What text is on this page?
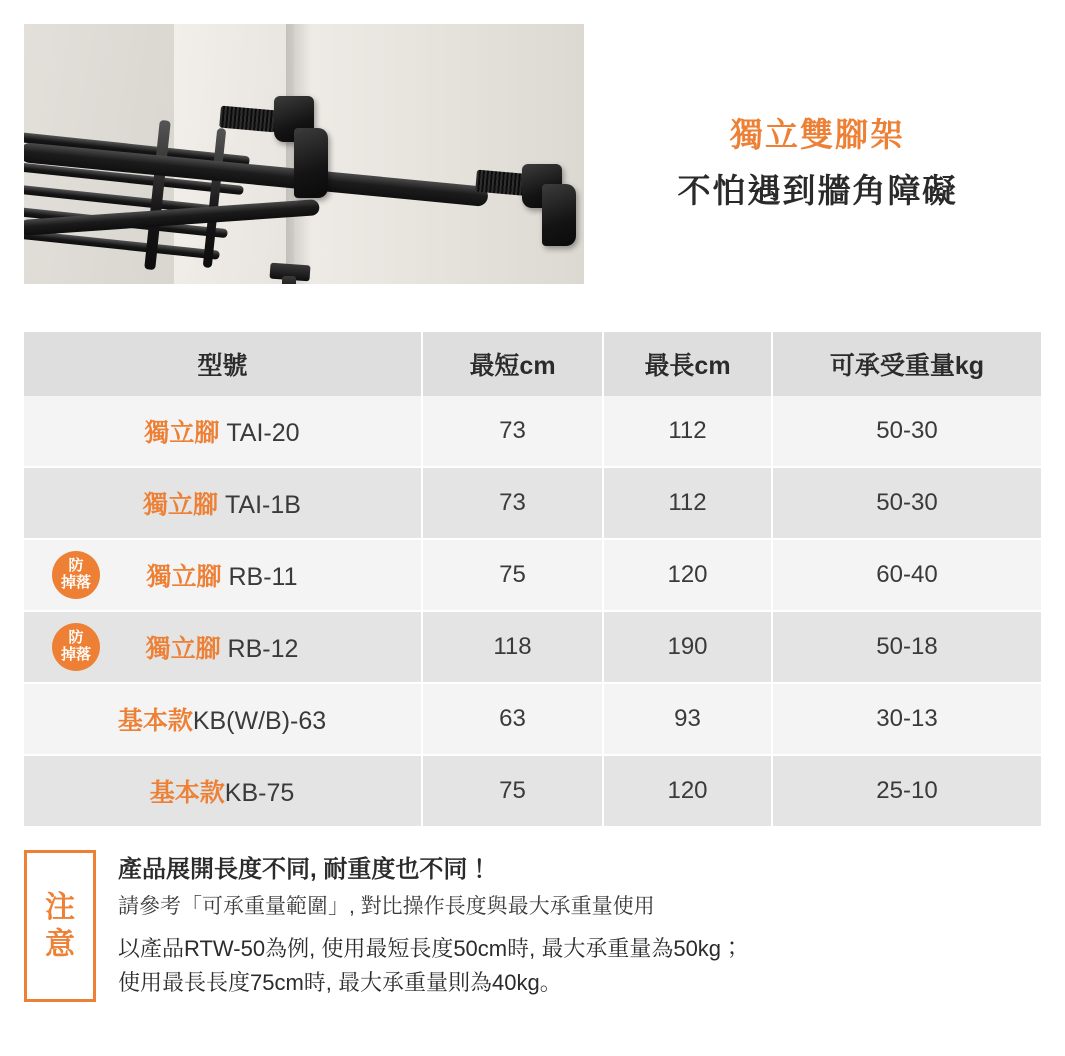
獨立雙腳架
不怕遇到牆角障礙
型號	最短cm	最長cm	可承受重量kg
獨立腳 TAI-20	73	112	50-30
獨立腳 TAI-1B	73	112	50-30

防
掉落 獨立腳 RB-11	75	120	60-40

防
掉落 獨立腳 RB-12	118	190	50-18
基本款KB(W/B)-63	63	93	30-13
基本款KB-75	75	120	25-10
注
意
產品展開長度不同, 耐重度也不同！
請參考「可承重量範圍」, 對比操作長度與最大承重量使用
以產品RTW-50為例, 使用最短長度50cm時, 最大承重量為50kg；
使用最長長度75cm時, 最大承重量則為40kg。
